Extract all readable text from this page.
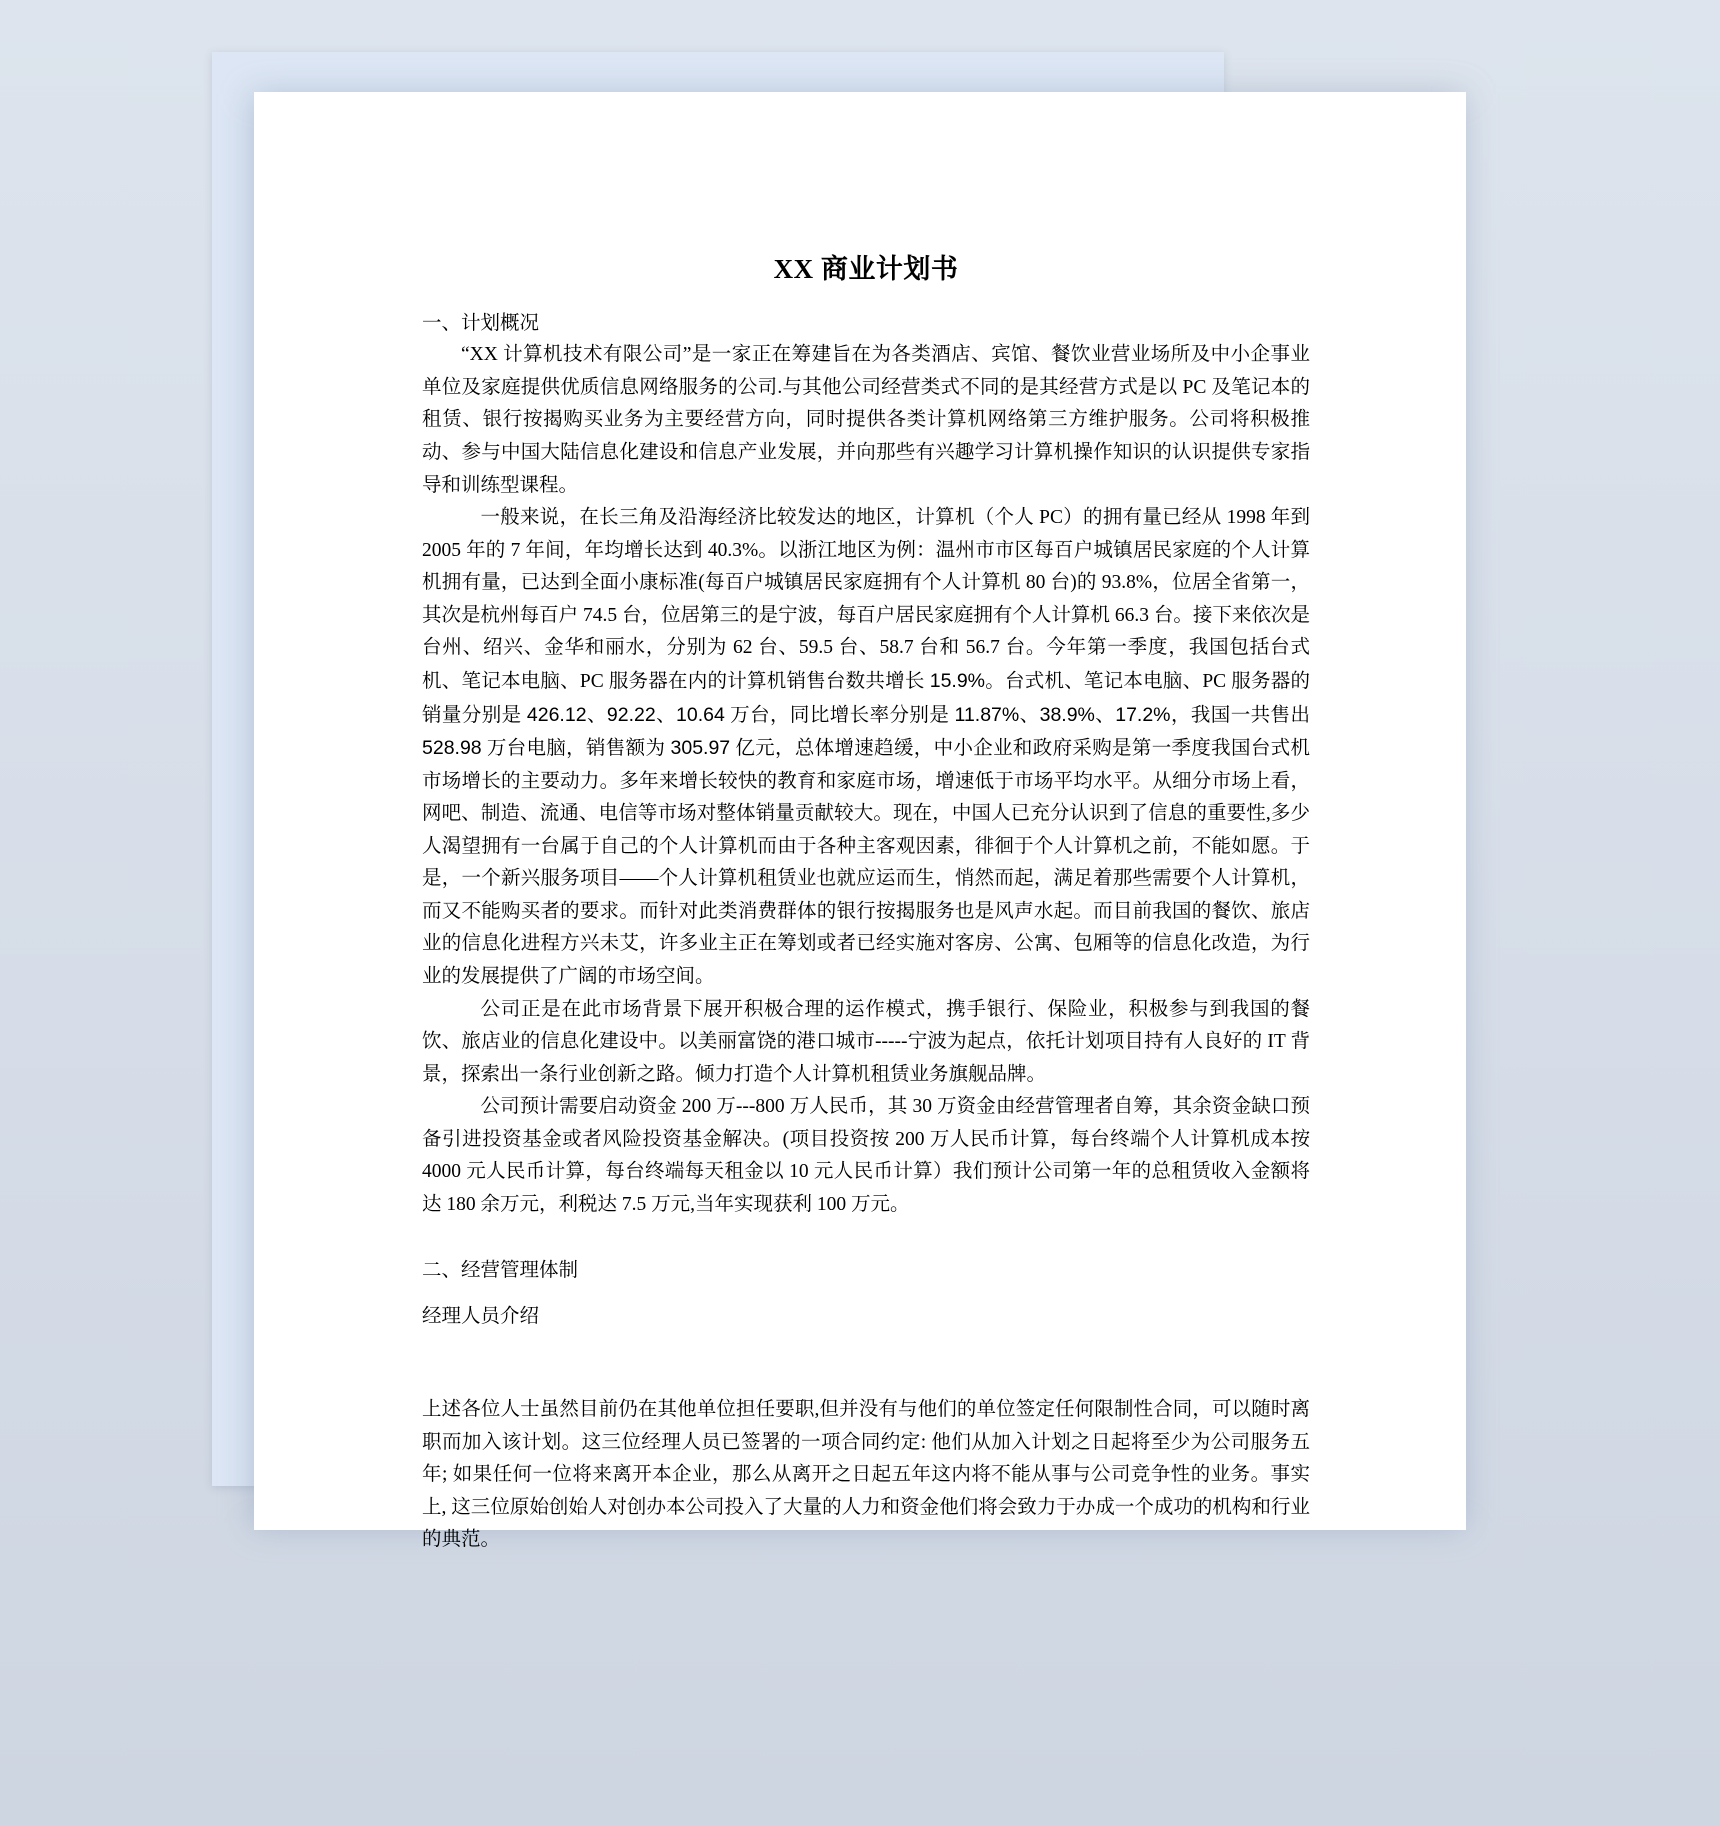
XX 商业计划书

一、计划概况

“XX 计算机技术有限公司”是一家正在筹建旨在为各类酒店、宾馆、餐饮业营业场所及中小企事业单位及家庭提供优质信息网络服务的公司.与其他公司经营类式不同的是其经营方式是以 PC 及笔记本的租赁、银行按揭购买业务为主要经营方向，同时提供各类计算机网络第三方维护服务。公司将积极推动、参与中国大陆信息化建设和信息产业发展，并向那些有兴趣学习计算机操作知识的认识提供专家指导和训练型课程。

一般来说，在长三角及沿海经济比较发达的地区，计算机（个人 PC）的拥有量已经从 1998 年到 2005 年的 7 年间，年均增长达到 40.3%。以浙江地区为例：温州市市区每百户城镇居民家庭的个人计算机拥有量，已达到全面小康标准(每百户城镇居民家庭拥有个人计算机 80 台)的 93.8%，位居全省第一，其次是杭州每百户 74.5 台，位居第三的是宁波，每百户居民家庭拥有个人计算机 66.3 台。接下来依次是台州、绍兴、金华和丽水，分别为 62 台、59.5 台、58.7 台和 56.7 台。今年第一季度，我国包括台式机、笔记本电脑、PC 服务器在内的计算机销售台数共增长 15.9%。台式机、笔记本电脑、PC 服务器的销量分别是 426.12、92.22、10.64 万台，同比增长率分别是 11.87%、38.9%、17.2%，我国一共售出 528.98 万台电脑，销售额为 305.97 亿元，总体增速趋缓，中小企业和政府采购是第一季度我国台式机市场增长的主要动力。多年来增长较快的教育和家庭市场，增速低于市场平均水平。从细分市场上看，网吧、制造、流通、电信等市场对整体销量贡献较大。现在，中国人已充分认识到了信息的重要性,多少人渴望拥有一台属于自己的个人计算机而由于各种主客观因素，徘徊于个人计算机之前，不能如愿。于是，一个新兴服务项目——个人计算机租赁业也就应运而生，悄然而起，满足着那些需要个人计算机，而又不能购买者的要求。而针对此类消费群体的银行按揭服务也是风声水起。而目前我国的餐饮、旅店业的信息化进程方兴未艾，许多业主正在筹划或者已经实施对客房、公寓、包厢等的信息化改造，为行业的发展提供了广阔的市场空间。

公司正是在此市场背景下展开积极合理的运作模式，携手银行、保险业，积极参与到我国的餐饮、旅店业的信息化建设中。以美丽富饶的港口城市-----宁波为起点，依托计划项目持有人良好的 IT 背景，探索出一条行业创新之路。倾力打造个人计算机租赁业务旗舰品牌。

公司预计需要启动资金 200 万---800 万人民币，其 30 万资金由经营管理者自筹，其余资金缺口预备引进投资基金或者风险投资基金解决。(项目投资按 200 万人民币计算，每台终端个人计算机成本按 4000 元人民币计算，每台终端每天租金以 10 元人民币计算）我们预计公司第一年的总租赁收入金额将达 180 余万元，利税达 7.5 万元,当年实现获利 100 万元。

二、经营管理体制

经理人员介绍

上述各位人士虽然目前仍在其他单位担任要职,但并没有与他们的单位签定任何限制性合同，可以随时离职而加入该计划。这三位经理人员已签署的一项合同约定: 他们从加入计划之日起将至少为公司服务五年; 如果任何一位将来离开本企业，那么从离开之日起五年这内将不能从事与公司竞争性的业务。事实上, 这三位原始创始人对创办本公司投入了大量的人力和资金他们将会致力于办成一个成功的机构和行业的典范。
